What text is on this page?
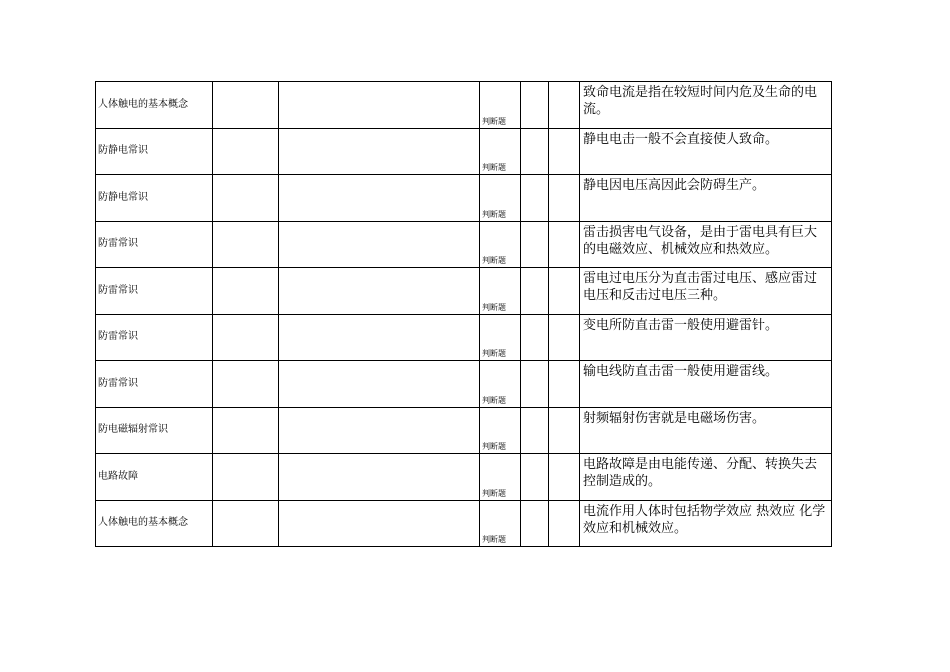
人体触电的基本概念			判断题			致命电流是指在较短时间内危及生命的电流。
防静电常识			判断题			静电电击一般不会直接使人致命。
防静电常识			判断题			静电因电压高因此会防碍生产。
防雷常识			判断题			雷击损害电气设备，是由于雷电具有巨大的电磁效应、机械效应和热效应。
防雷常识			判断题			雷电过电压分为直击雷过电压、感应雷过电压和反击过电压三种。
防雷常识			判断题			变电所防直击雷一般使用避雷针。
防雷常识			判断题			输电线防直击雷一般使用避雷线。
防电磁辐射常识			判断题			射频辐射伤害就是电磁场伤害。
电路故障			判断题			电路故障是由电能传递、分配、转换失去控制造成的。
人体触电的基本概念			判断题			电流作用人体时包括物学效应 热效应 化学效应和机械效应。
